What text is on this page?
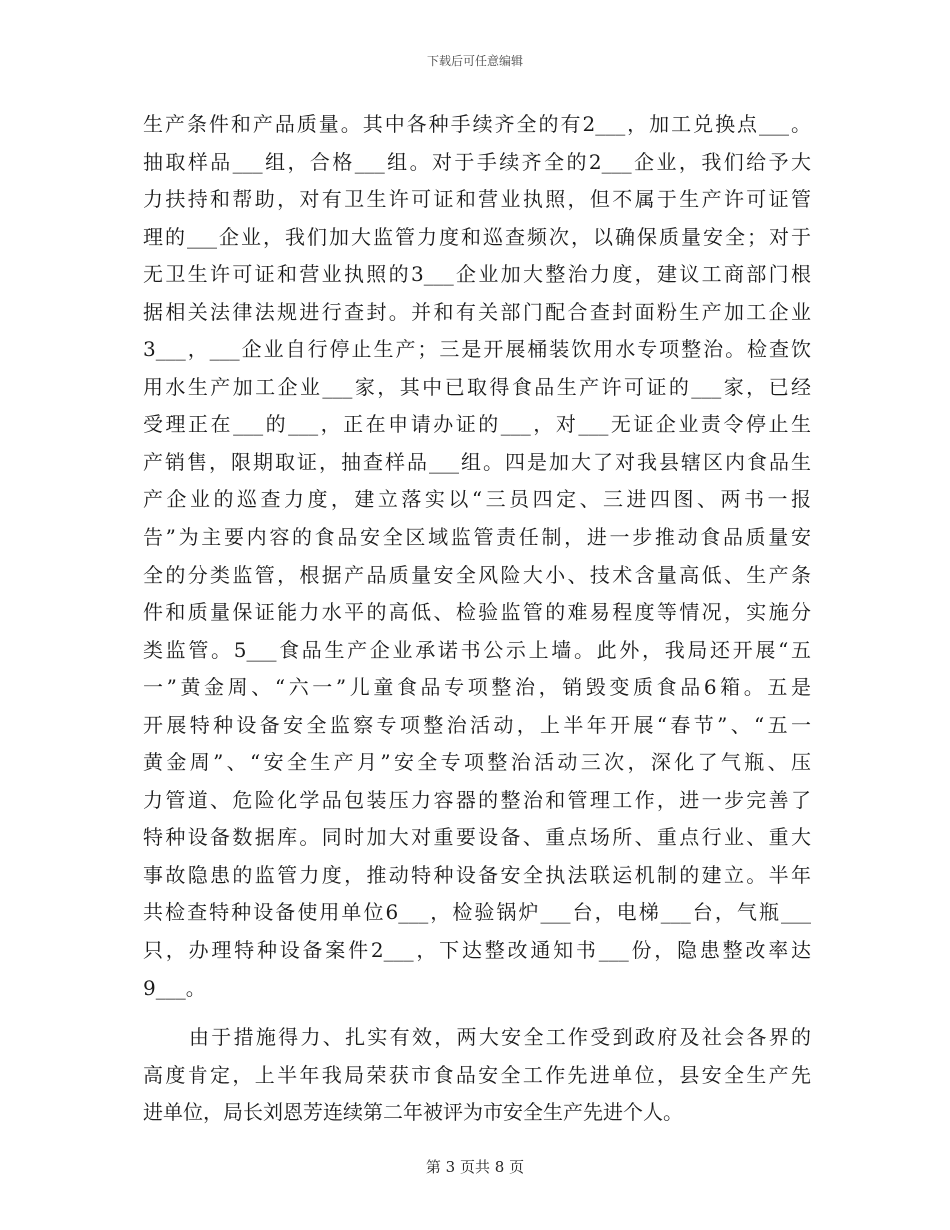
下载后可任意编辑
生产条件和产品质量。其中各种手续齐全的有2___，加工兑换点___。
抽取样品___组，合格___组。对于手续齐全的2___企业，我们给予大
力扶持和帮助，对有卫生许可证和营业执照，但不属于生产许可证管
理的___企业，我们加大监管力度和巡查频次，以确保质量安全；对于
无卫生许可证和营业执照的3___企业加大整治力度，建议工商部门根
据相关法律法规进行查封。并和有关部门配合查封面粉生产加工企业
3___，___企业自行停止生产；三是开展桶装饮用水专项整治。检查饮
用水生产加工企业___家，其中已取得食品生产许可证的___家，已经
受理正在___的___，正在申请办证的___，对___无证企业责令停止生
产销售，限期取证，抽查样品___组。四是加大了对我县辖区内食品生
产企业的巡查力度，建立落实以“三员四定、三进四图、两书一报
告”为主要内容的食品安全区域监管责任制，进一步推动食品质量安
全的分类监管，根据产品质量安全风险大小、技术含量高低、生产条
件和质量保证能力水平的高低、检验监管的难易程度等情况，实施分
类监管。5___食品生产企业承诺书公示上墙。此外，我局还开展“五
一”黄金周、“六一”儿童食品专项整治，销毁变质食品6箱。五是
开展特种设备安全监察专项整治活动，上半年开展“春节”、“五一
黄金周”、“安全生产月”安全专项整治活动三次，深化了气瓶、压
力管道、危险化学品包装压力容器的整治和管理工作，进一步完善了
特种设备数据库。同时加大对重要设备、重点场所、重点行业、重大
事故隐患的监管力度，推动特种设备安全执法联运机制的建立。半年
共检查特种设备使用单位6___，检验锅炉___台，电梯___台，气瓶___
只，办理特种设备案件2___，下达整改通知书___份，隐患整改率达
9___。
由于措施得力、扎实有效，两大安全工作受到政府及社会各界的
高度肯定，上半年我局荣获市食品安全工作先进单位，县安全生产先
进单位，局长刘恩芳连续第二年被评为市安全生产先进个人。
第 3 页共 8 页
